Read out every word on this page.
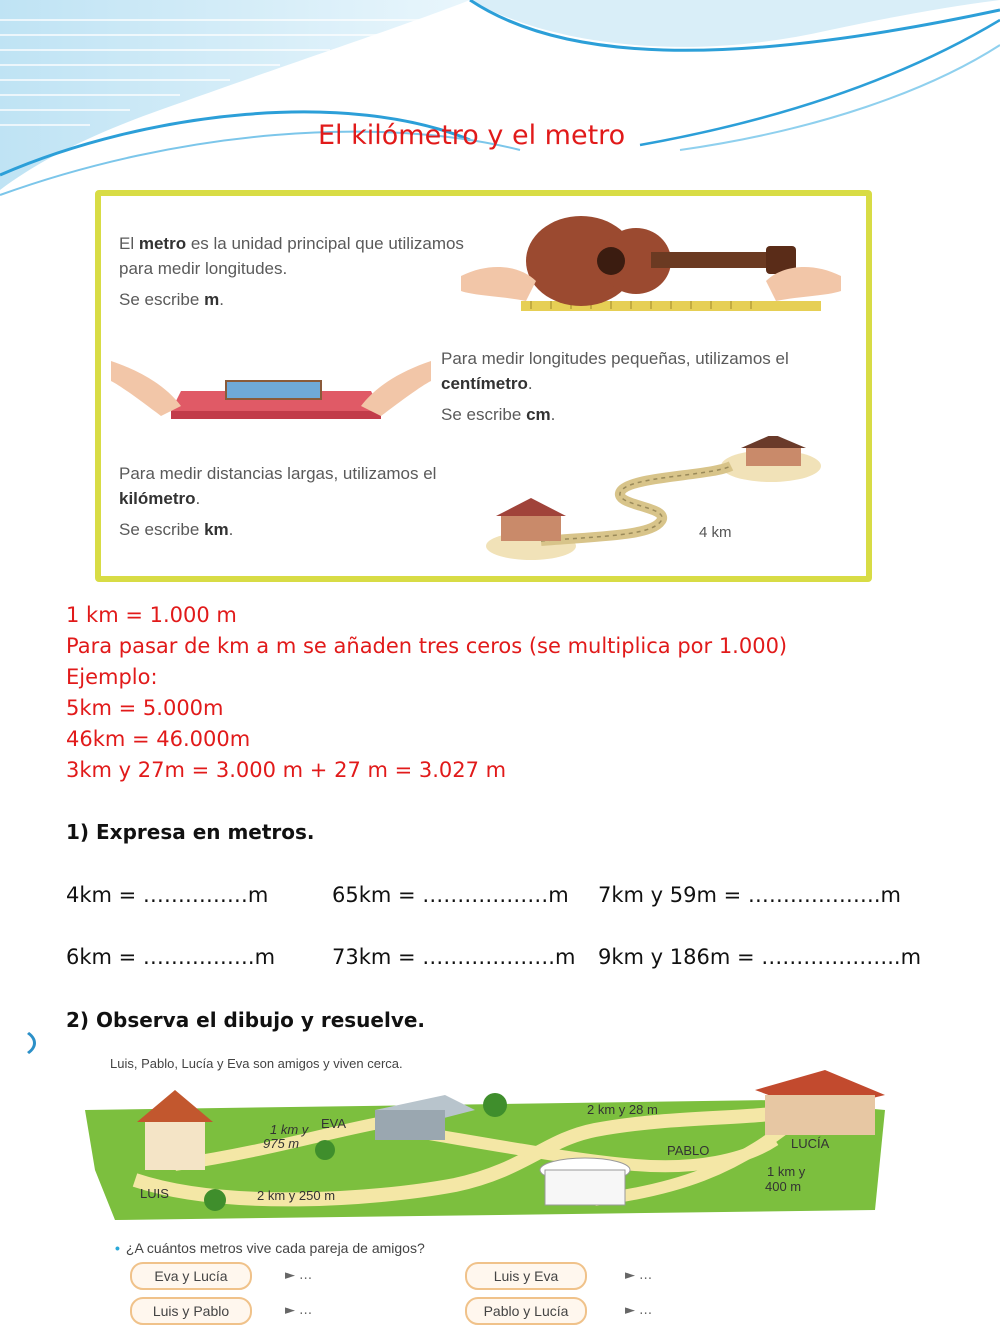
El kilómetro y el metro
El metro es la unidad principal que utilizamos para medir longitudes.
Se escribe m.
Para medir longitudes pequeñas, utilizamos el centímetro.
Se escribe cm.
Para medir distancias largas, utilizamos el kilómetro.
Se escribe km.	4 km
1 km = 1.000 m
Para pasar de km a m se añaden tres ceros (se multiplica por 1.000)
Ejemplo:
5km = 5.000m
46km = 46.000m
3km y 27m = 3.000 m + 27 m = 3.027 m
1) Expresa en metros.
4km = ……………m	65km = ………………m 7km y 59m = ……………….m
6km = …………….m	73km = ……………….m 9km y 186m = ………………..m
2) Observa el dibujo y resuelve.
Luis, Pablo, Lucía y Eva son amigos y viven cerca.
EVA
LUIS
PABLO	LUCÍA
1 km y
975 m
2 km y 28 m
2 km y 250 m
1 km y
400 m
• ¿A cuántos metros vive cada pareja de amigos?
Eva y Lucía	► …	Luis y Eva	► …
Luis y Pablo	► …	Pablo y Lucía	► …
